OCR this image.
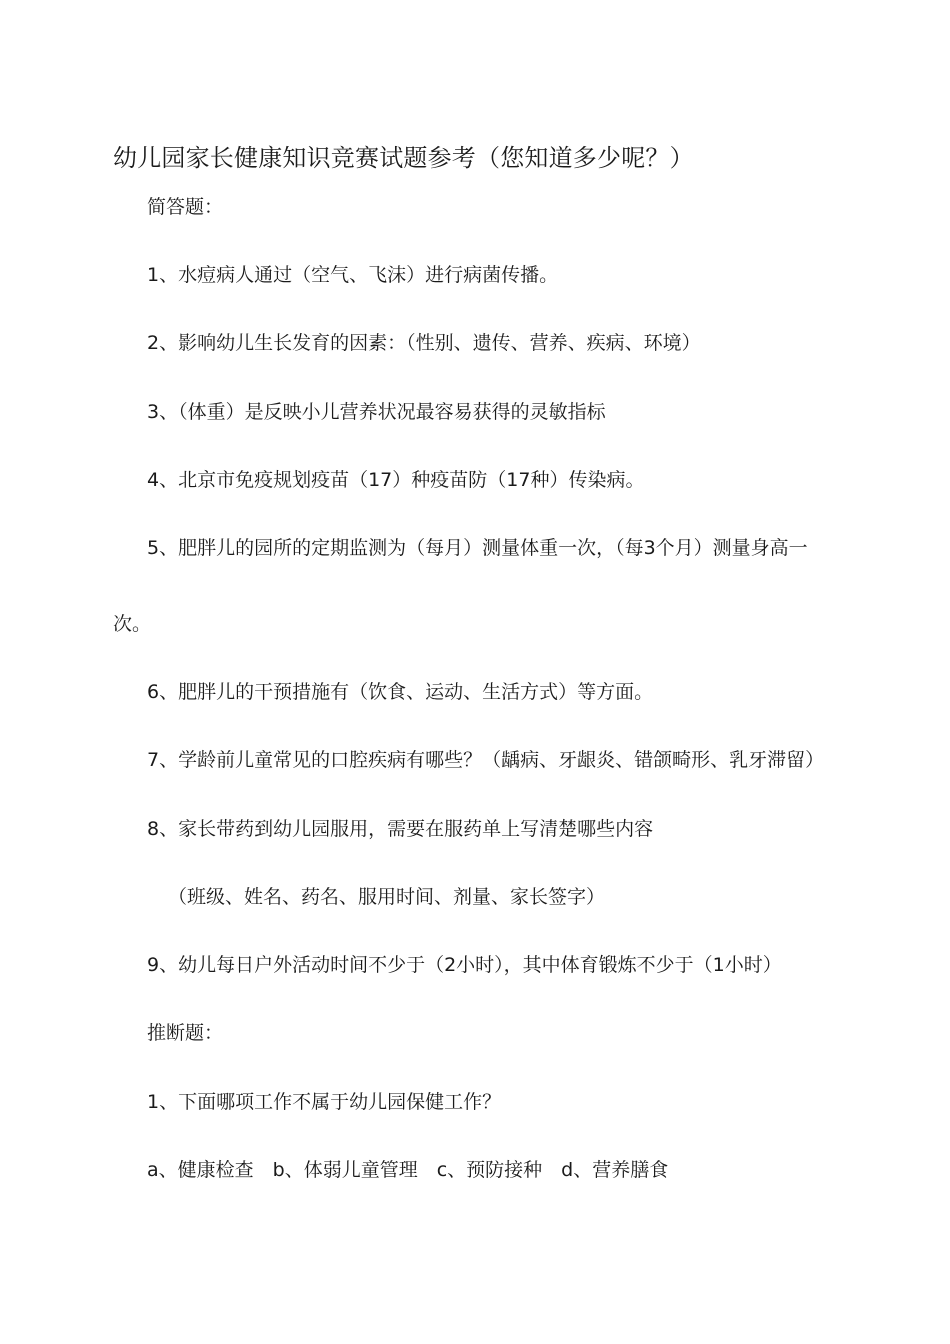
幼儿园家长健康知识竞赛试题参考（您知道多少呢？）
简答题：
1、水痘病人通过（空气、飞沫）进行病菌传播。
2、影响幼儿生长发育的因素：（性别、遗传、营养、疾病、环境）
3、（体重）是反映小儿营养状况最容易获得的灵敏指标
4、北京市免疫规划疫苗（17）种疫苗防（17种）传染病。
5、肥胖儿的园所的定期监测为（每月）测量体重一次，（每3个月）测量身高一
次。
6、肥胖儿的干预措施有（饮食、运动、生活方式）等方面。
7、学龄前儿童常见的口腔疾病有哪些？（龋病、牙龈炎、错颌畸形、乳牙滞留）
8、家长带药到幼儿园服用，需要在服药单上写清楚哪些内容
（班级、姓名、药名、服用时间、剂量、家长签字）
9、幼儿每日户外活动时间不少于（2小时），其中体育锻炼不少于（1小时）
推断题：
1、下面哪项工作不属于幼儿园保健工作？
a、健康检查　b、体弱儿童管理　c、预防接种　d、营养膳食
